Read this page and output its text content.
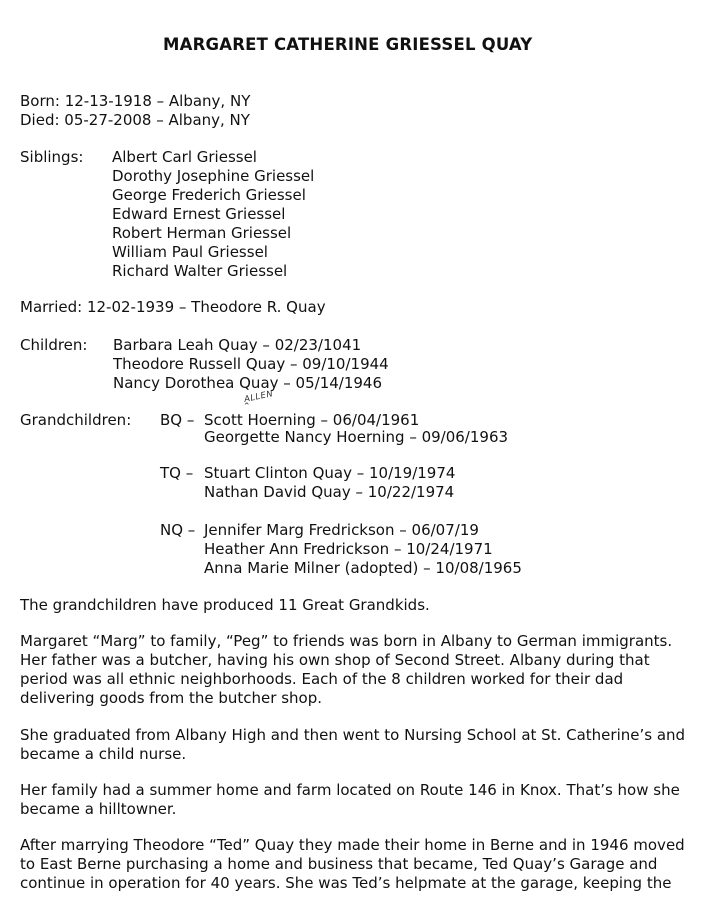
MARGARET CATHERINE GRIESSEL QUAY
Born: 12-13-1918 – Albany, NY
Died: 05-27-2008 – Albany, NY
Siblings: Albert Carl Griessel
Dorothy Josephine Griessel
George Frederich Griessel
Edward Ernest Griessel
Robert Herman Griessel
William Paul Griessel
Richard Walter Griessel
Married: 12-02-1939 – Theodore R. Quay
Children: Barbara Leah Quay – 02/23/1041
Theodore Russell Quay – 09/10/1944
Nancy Dorothea Quay – 05/14/1946
Grandchildren:
ALLEN
⌃
BQ – Scott Hoerning – 06/04/1961
Georgette Nancy Hoerning – 09/06/1963
TQ – Stuart Clinton Quay – 10/19/1974
Nathan David Quay – 10/22/1974
NQ – Jennifer Marg Fredrickson – 06/07/19
Heather Ann Fredrickson – 10/24/1971
Anna Marie Milner (adopted) – 10/08/1965
The grandchildren have produced 11 Great Grandkids.
Margaret “Marg” to family, “Peg” to friends was born in Albany to German immigrants.
Her father was a butcher, having his own shop of Second Street. Albany during that
period was all ethnic neighborhoods. Each of the 8 children worked for their dad
delivering goods from the butcher shop.
She graduated from Albany High and then went to Nursing School at St. Catherine’s and
became a child nurse.
Her family had a summer home and farm located on Route 146 in Knox. That’s how she
became a hilltowner.
After marrying Theodore “Ted” Quay they made their home in Berne and in 1946 moved
to East Berne purchasing a home and business that became, Ted Quay’s Garage and
continue in operation for 40 years. She was Ted’s helpmate at the garage, keeping the
